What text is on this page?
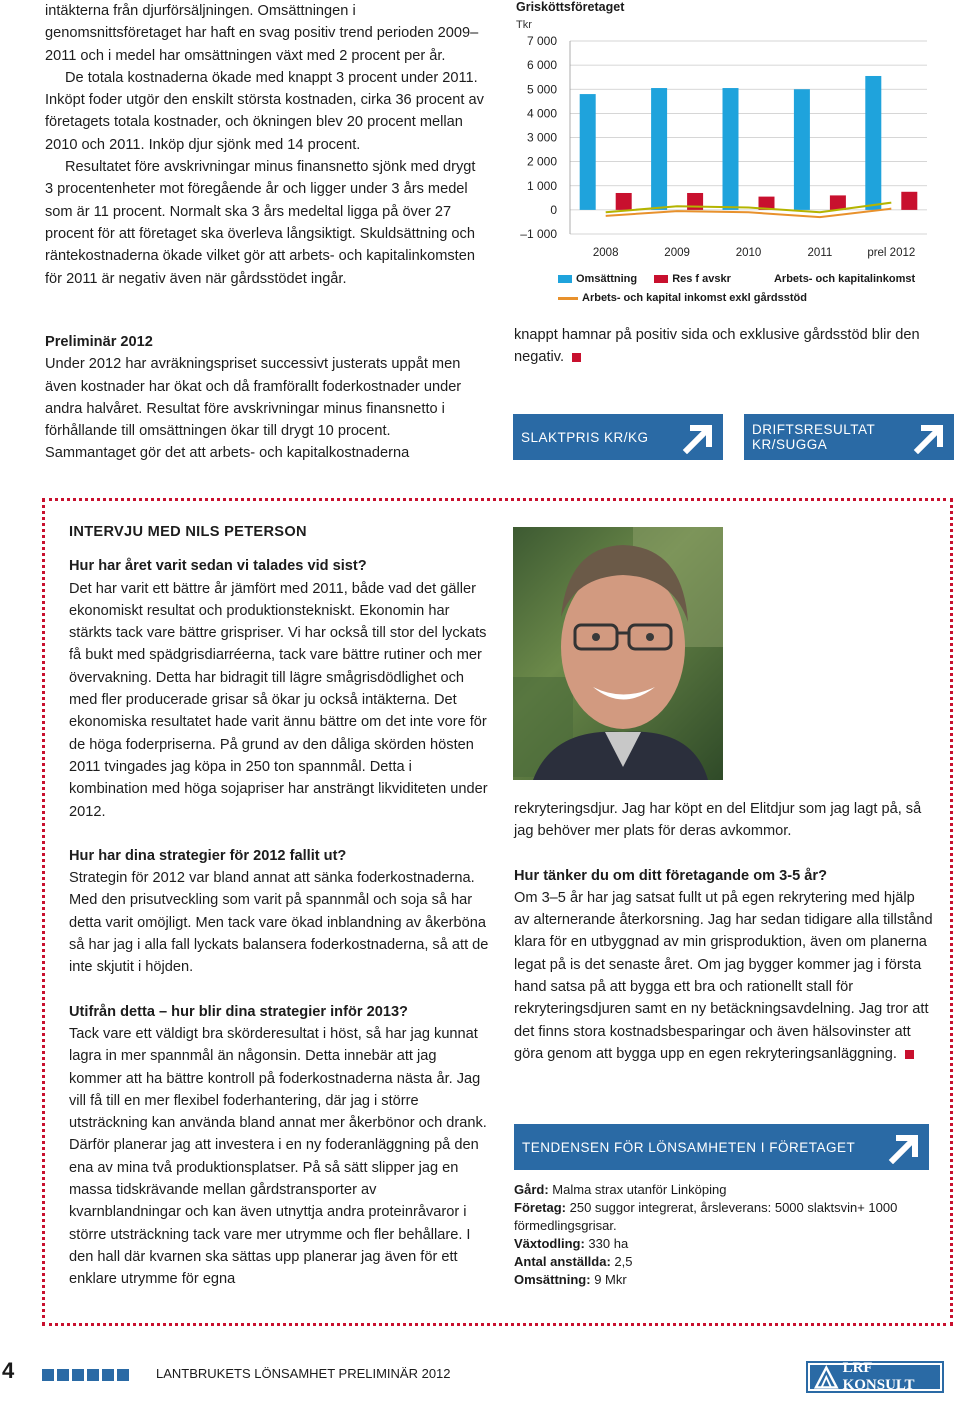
intäkterna från djurförsäljningen. Omsättningen i genomsnittsföretaget har haft en svag positiv trend perioden 2009–2011 och i medel har omsättningen växt med 2 procent per år.

De totala kostnaderna ökade med knappt 3 procent under 2011. Inköpt foder utgör den enskilt största kostnaden, cirka 36 procent av företagets totala kostnader, och ökningen blev 20 procent mellan 2010 och 2011. Inköp djur sjönk med 14 procent.

Resultatet före avskrivningar minus finansnetto sjönk med drygt 3 procentenheter mot föregående år och ligger under 3 års medel som är 11 procent. Normalt ska 3 års medeltal ligga på över 27 procent för att företaget ska överleva långsiktigt. Skuldsättning och räntekostnaderna ökade vilket gör att arbets- och kapitalinkomsten för 2011 är negativ även när gårdsstödet ingår.

Preliminär 2012

Under 2012 har avräkningspriset successivt justerats uppåt men även kostnader har ökat och då framförallt foderkostnader under andra halvåret. Resultat före avskrivningar minus finansnetto i förhållande till omsättningen ökar till drygt 10 procent. Sammantaget gör det att arbets- och kapitalkostnaderna

Grisköttsföretaget
Tkr
7 000
6 000
5 000
4 000
3 000
2 000
1 000
0
–1 000
2008	2009	2010	2011	prel 2012
Omsättning	Res f avskr	Arbets- och kapitalinkomst
Arbets- och kapital inkomst exkl gårdsstöd
knappt hamnar på positiv sida och exklusive gårdsstöd blir den negativ.
SLAKTPRIS KR/KG	DRIFTSRESULTAT KR/SUGGA

INTERVJU MED NILS PETERSON

Hur har året varit sedan vi talades vid sist?

Det har varit ett bättre år jämfört med 2011, både vad det gäller ekonomiskt resultat och produktionstekniskt. Ekonomin har stärkts tack vare bättre grispriser. Vi har också till stor del lyckats få bukt med spädgrisdiarréerna, tack vare bättre rutiner och mer övervakning. Detta har bidragit till lägre smågrisdödlighet och med fler producerade grisar så ökar ju också intäkterna. Det ekonomiska resultatet hade varit ännu bättre om det inte vore för de höga foderpriserna. På grund av den dåliga skörden hösten 2011 tvingades jag köpa in 250 ton spannmål. Detta i kombination med höga sojapriser har ansträngt likviditeten under 2012.

Hur har dina strategier för 2012 fallit ut?

Strategin för 2012 var bland annat att sänka foderkostnaderna. Med den prisutveckling som varit på spannmål och soja så har detta varit omöjligt. Men tack vare ökad inblandning av åkerböna så har jag i alla fall lyckats balansera foderkostnaderna, så att de inte skjutit i höjden.

Utifrån detta – hur blir dina strategier inför 2013?

Tack vare ett väldigt bra skörderesultat i höst, så har jag kunnat lagra in mer spannmål än någonsin. Detta innebär att jag kommer att ha bättre kontroll på foderkostnaderna nästa år. Jag vill få till en mer flexibel foderhantering, där jag i större utsträckning kan använda bland annat mer åkerbönor och drank. Därför planerar jag att investera i en ny foderanläggning på den ena av mina två produktionsplatser. På så sätt slipper jag en massa tidskrävande mellan gårdstransporter av kvarnblandningar och kan även utnyttja andra proteinråvaror i större utsträckning tack vare mer utrymme och fler behållare. I den hall där kvarnen ska sättas upp planerar jag även för ett enklare utrymme för egna

rekryteringsdjur. Jag har köpt en del Elitdjur som jag lagt på, så jag behöver mer plats för deras avkommor.

Hur tänker du om ditt företagande om 3-5 år?

Om 3–5 år har jag satsat fullt ut på egen rekrytering med hjälp av alternerande återkorsning. Jag har sedan tidigare alla tillstånd klara för en utbyggnad av min grisproduktion, även om planerna legat på is det senaste året. Om jag bygger kommer jag i första hand satsa på att bygga ett bra och rationellt stall för rekryteringsdjuren samt en ny betäckningsavdelning. Jag tror att det finns stora kostnadsbesparingar och även hälsovinster att göra genom att bygga upp en egen rekryteringsanläggning.

TENDENSEN FÖR LÖNSAMHETEN I FÖRETAGET
Gård: Malma strax utanför Linköping
Företag: 250 suggor integrerat, årsleverans: 5000 slaktsvin+ 1000 förmedlingsgrisar.
Växtodling: 330 ha
Antal anställda: 2,5
Omsättning: 9 Mkr
4	LANTBRUKETS LÖNSAMHET PRELIMINÄR 2012	LRF KONSULT
